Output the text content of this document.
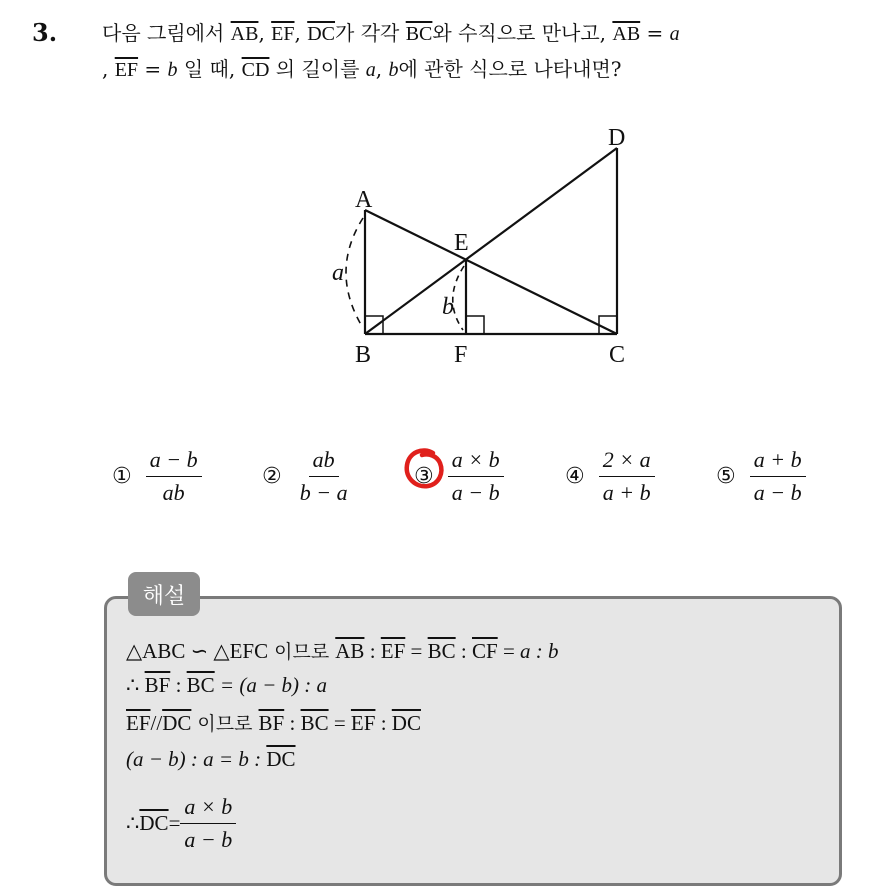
3. 다음 그림에서 $\overline{AB}$, $\overline{EF}$, $\overline{DC}$가 각각 $\overline{BC}$와 수직으로 만나고, $\overline{AB} = a$
, $\overline{EF} = b$ 일 때, $\overline{CD}$ 의 길이를 a, b에 관한 식으로 나타내면?
A
B	C
D
E
F
a
b
① $\frac{a - b}{ab}$	② $\frac{ab}{b - a}$	③ $\frac{a \times b}{a - b}$	④ $\frac{2 \times a}{a + b}$	⑤ $\frac{a + b}{a - b}$
해설
△ABC ∽ △EFC 이므로 $\overline{AB}$ : $\overline{EF} = \overline{BC}$ : $\overline{CF} = a$ : b
∴ $\overline{BF}$ : $\overline{BC} = (a - b)$ : a
$\overline{EF}//\overline{DC}$ 이므로 $\overline{BF}$ : $\overline{BC} = \overline{EF}$ : $\overline{DC}$
(a − b) : a = b : $\overline{DC}$
∴ $\overline{DC} = \frac{a \times b}{a - b}$
